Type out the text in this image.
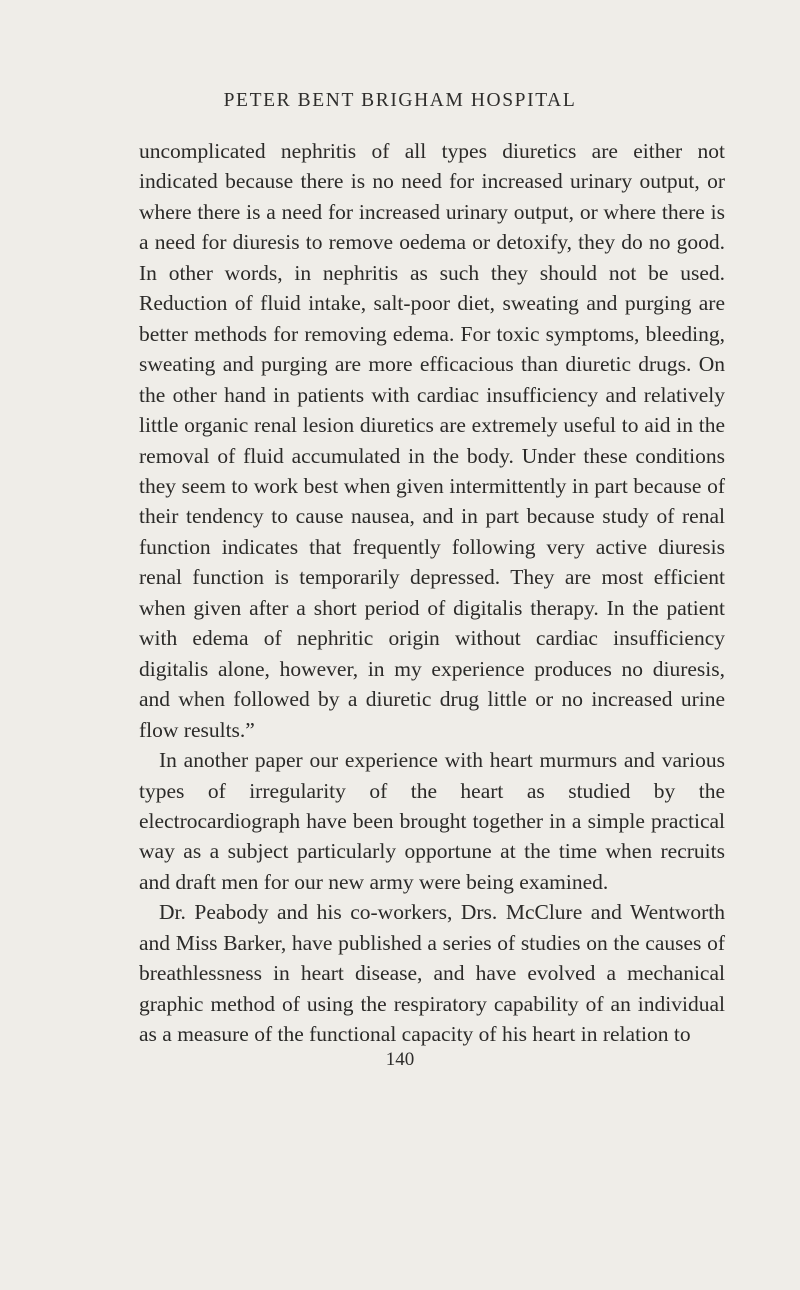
PETER BENT BRIGHAM HOSPITAL

uncomplicated nephritis of all types diuretics are either not indicated because there is no need for increased urinary output, or where there is a need for increased urinary output, or where there is a need for diuresis to remove oedema or detoxify, they do no good. In other words, in nephritis as such they should not be used. Reduction of fluid intake, salt-poor diet, sweating and purging are better methods for removing edema. For toxic symptoms, bleeding, sweating and purging are more efficacious than diuretic drugs. On the other hand in patients with cardiac insufficiency and relatively little organic renal lesion diuretics are extremely useful to aid in the removal of fluid accumulated in the body. Under these conditions they seem to work best when given intermittently in part because of their tendency to cause nausea, and in part because study of renal function indicates that frequently following very active diuresis renal function is temporarily depressed. They are most efficient when given after a short period of digitalis therapy. In the patient with edema of nephritic origin without cardiac insufficiency digitalis alone, however, in my experience produces no diuresis, and when followed by a diuretic drug little or no increased urine flow results.”

In another paper our experience with heart murmurs and various types of irregularity of the heart as studied by the electrocardiograph have been brought together in a simple practical way as a subject particularly opportune at the time when recruits and draft men for our new army were being examined.

Dr. Peabody and his co-workers, Drs. McClure and Wentworth and Miss Barker, have published a series of studies on the causes of breathlessness in heart disease, and have evolved a mechanical graphic method of using the respiratory capability of an individual as a measure of the functional capacity of his heart in relation to

140
